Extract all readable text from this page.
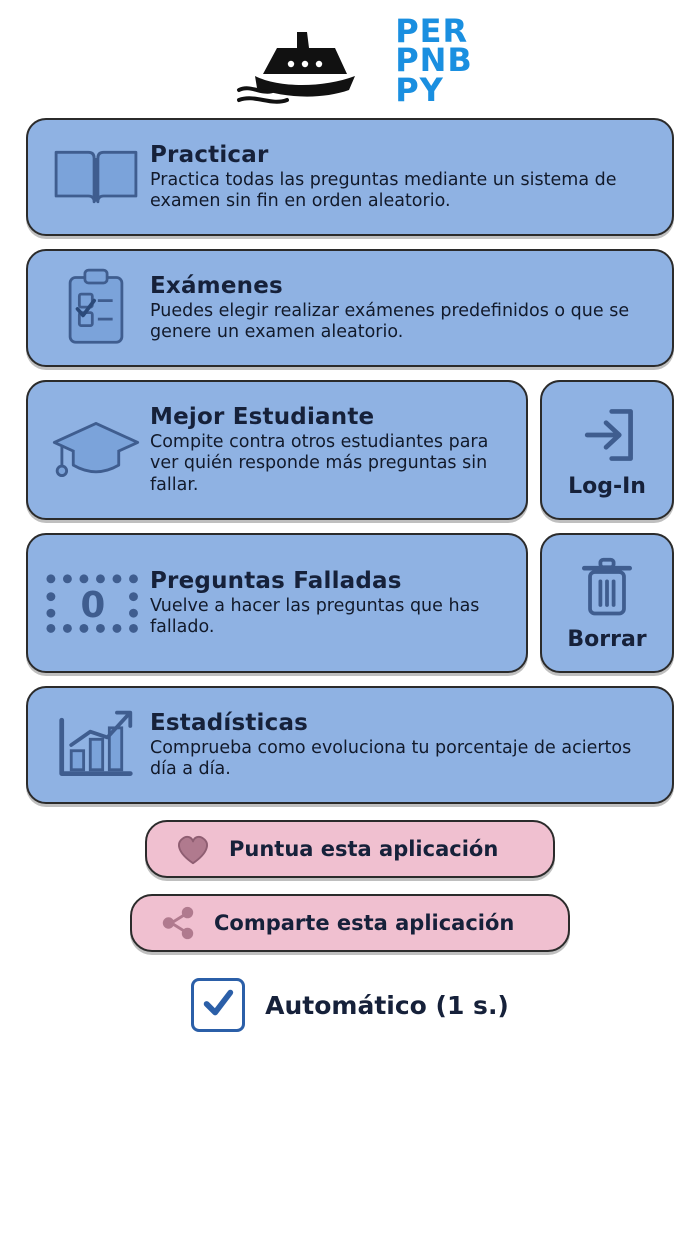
PER
PNB
PY

Practicar

Practica todas las preguntas mediante un sistema de examen sin fin en orden aleatorio.

Exámenes

Puedes elegir realizar exámenes predefinidos o que se genere un examen aleatorio.

Mejor Estudiante

Compite contra otros estudiantes para ver quién responde más preguntas sin fallar.	Log-In
0

Preguntas Falladas

Vuelve a hacer las preguntas que has fallado.	Borrar

Estadísticas

Comprueba como evoluciona tu porcentaje de aciertos día a día.

Puntua esta aplicación
Comparte esta aplicación
Automático (1 s.)
